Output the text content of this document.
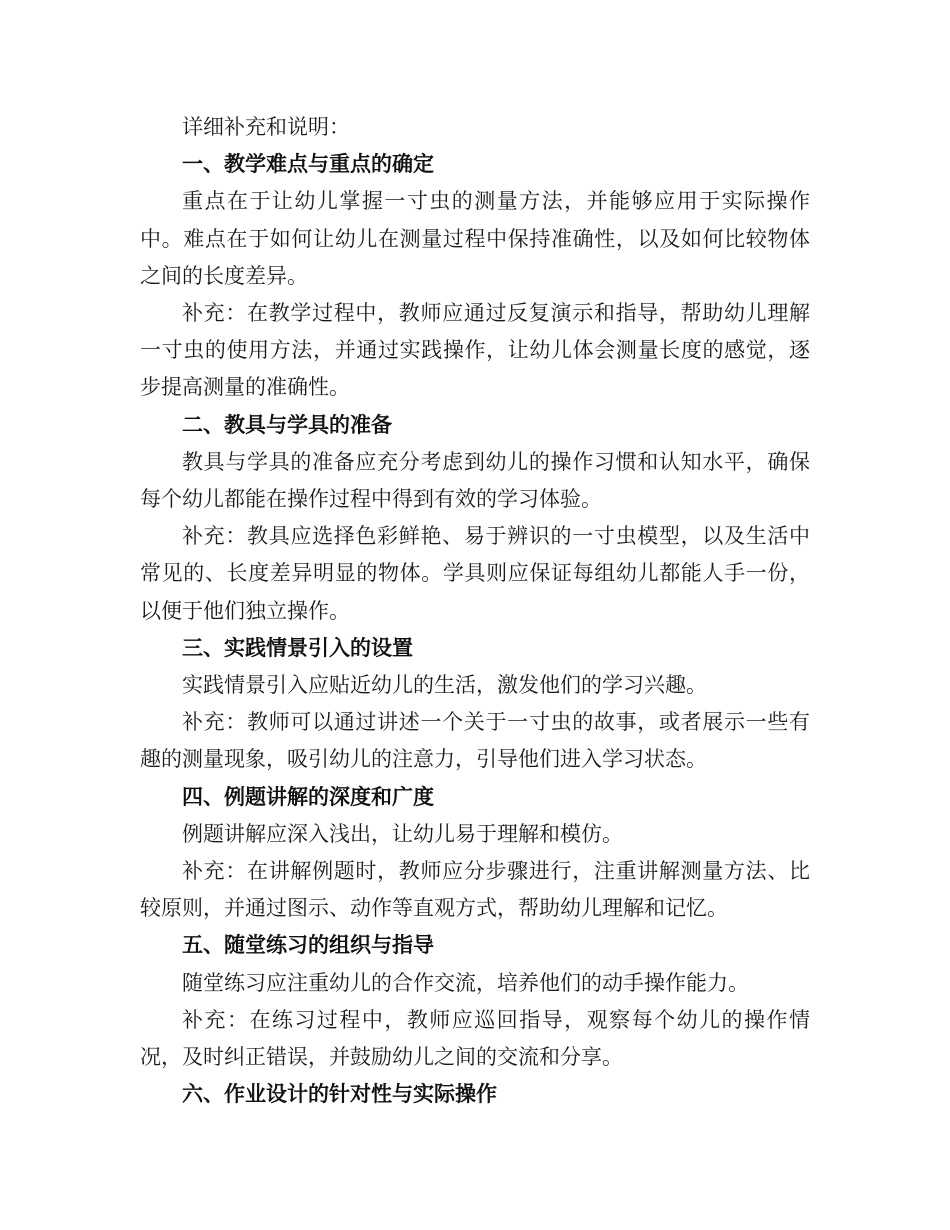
详细补充和说明：

一、教学难点与重点的确定

重点在于让幼儿掌握一寸虫的测量方法，并能够应用于实际操作中。难点在于如何让幼儿在测量过程中保持准确性，以及如何比较物体之间的长度差异。

补充：在教学过程中，教师应通过反复演示和指导，帮助幼儿理解一寸虫的使用方法，并通过实践操作，让幼儿体会测量长度的感觉，逐步提高测量的准确性。

二、教具与学具的准备

教具与学具的准备应充分考虑到幼儿的操作习惯和认知水平，确保每个幼儿都能在操作过程中得到有效的学习体验。

补充：教具应选择色彩鲜艳、易于辨识的一寸虫模型，以及生活中常见的、长度差异明显的物体。学具则应保证每组幼儿都能人手一份，以便于他们独立操作。

三、实践情景引入的设置

实践情景引入应贴近幼儿的生活，激发他们的学习兴趣。

补充：教师可以通过讲述一个关于一寸虫的故事，或者展示一些有趣的测量现象，吸引幼儿的注意力，引导他们进入学习状态。

四、例题讲解的深度和广度

例题讲解应深入浅出，让幼儿易于理解和模仿。

补充：在讲解例题时，教师应分步骤进行，注重讲解测量方法、比较原则，并通过图示、动作等直观方式，帮助幼儿理解和记忆。

五、随堂练习的组织与指导

随堂练习应注重幼儿的合作交流，培养他们的动手操作能力。

补充：在练习过程中，教师应巡回指导，观察每个幼儿的操作情况，及时纠正错误，并鼓励幼儿之间的交流和分享。

六、作业设计的针对性与实际操作
